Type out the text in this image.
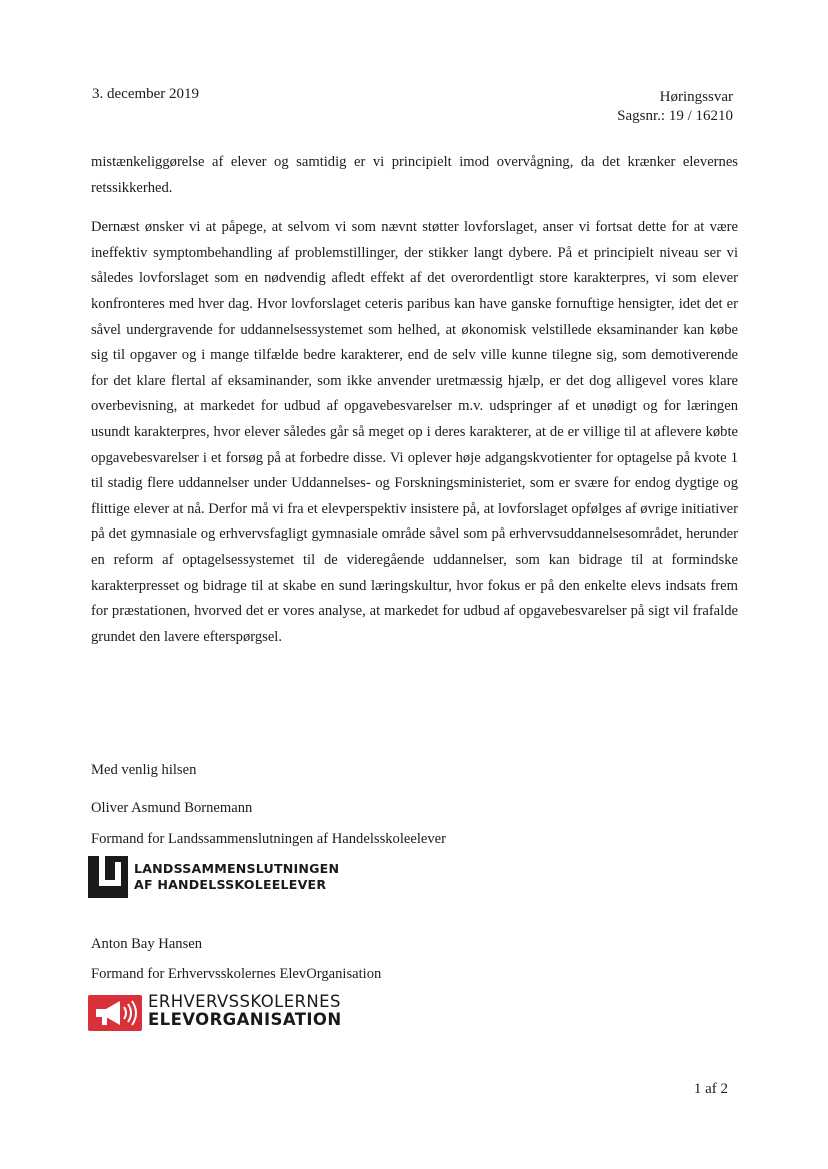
3. december 2019	Høringssvar
Sagsnr.: 19 / 16210

mistænkeliggørelse af elever og samtidig er vi principielt imod overvågning, da det krænker elevernes retssikkerhed.

Dernæst ønsker vi at påpege, at selvom vi som nævnt støtter lovforslaget, anser vi fortsat dette for at være ineffektiv symptombehandling af problemstillinger, der stikker langt dybere. På et principielt niveau ser vi således lovforslaget som en nødvendig afledt effekt af det overordentligt store karakterpres, vi som elever konfronteres med hver dag. Hvor lovforslaget ceteris paribus kan have ganske fornuftige hensigter, idet det er såvel undergravende for uddannelsessystemet som helhed, at økonomisk velstillede eksaminander kan købe sig til opgaver og i mange tilfælde bedre karakterer, end de selv ville kunne tilegne sig, som demotiverende for det klare flertal af eksaminander, som ikke anvender uretmæssig hjælp, er det dog alligevel vores klare overbevisning, at markedet for udbud af opgavebesvarelser m.v. udspringer af et unødigt og for læringen usundt karakterpres, hvor elever således går så meget op i deres karakterer, at de er villige til at aflevere købte opgavebesvarelser i et forsøg på at forbedre disse. Vi oplever høje adgangskvotienter for optagelse på kvote 1 til stadig flere uddannelser under Uddannelses- og Forskningsministeriet, som er svære for endog dygtige og flittige elever at nå. Derfor må vi fra et elevperspektiv insistere på, at lovforslaget opfølges af øvrige initiativer på det gymnasiale og erhvervsfagligt gymnasiale område såvel som på erhvervsuddannelsesområdet, herunder en reform af optagelsessystemet til de videregående uddannelser, som kan bidrage til at formindske karakterpresset og bidrage til at skabe en sund læringskultur, hvor fokus er på den enkelte elevs indsats frem for præstationen, hvorved det er vores analyse, at markedet for udbud af opgavebesvarelser på sigt vil frafalde grundet den lavere efterspørgsel.

Med venlig hilsen
Oliver Asmund Bornemann
Formand for Landssammenslutningen af Handelsskoleelever
LANDSSAMMENSLUTNINGEN
AF HANDELSSKOLEELEVER
Anton Bay Hansen
Formand for Erhvervsskolernes ElevOrganisation
ERHVERVSSKOLERNES
ELEVORGANISATION
1 af 2
